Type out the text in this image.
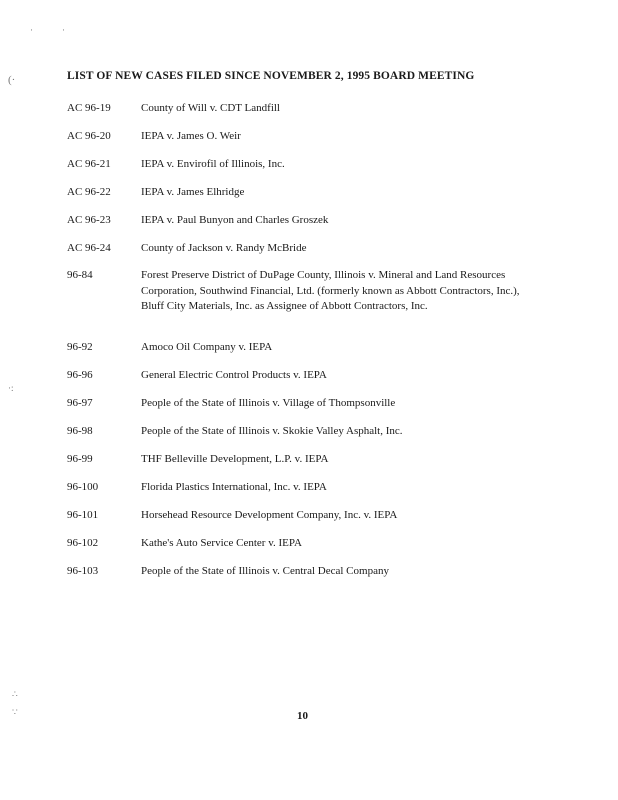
·	·
(·
·:
∴
∵
LIST OF NEW CASES FILED SINCE NOVEMBER 2, 1995 BOARD MEETING
AC 96-19	County of Will v. CDT Landfill
AC 96-20	IEPA v. James O. Weir
AC 96-21	IEPA v. Envirofil of Illinois, Inc.
AC 96-22	IEPA v. James Elhridge
AC 96-23	IEPA v. Paul Bunyon and Charles Groszek
AC 96-24	County of Jackson v. Randy McBride
96-84	Forest Preserve District of DuPage County, Illinois v. Mineral and Land Resources Corporation, Southwind Financial, Ltd. (formerly known as Abbott Contractors, Inc.), Bluff City Materials, Inc. as Assignee of Abbott Contractors, Inc.
96-92	Amoco Oil Company v. IEPA
96-96	General Electric Control Products v. IEPA
96-97	People of the State of Illinois v. Village of Thompsonville
96-98	People of the State of Illinois v. Skokie Valley Asphalt, Inc.
96-99	THF Belleville Development, L.P. v. IEPA
96-100	Florida Plastics International, Inc. v. IEPA
96-101	Horsehead Resource Development Company, Inc. v. IEPA
96-102	Kathe's Auto Service Center v. IEPA
96-103	People of the State of Illinois v. Central Decal Company
10
